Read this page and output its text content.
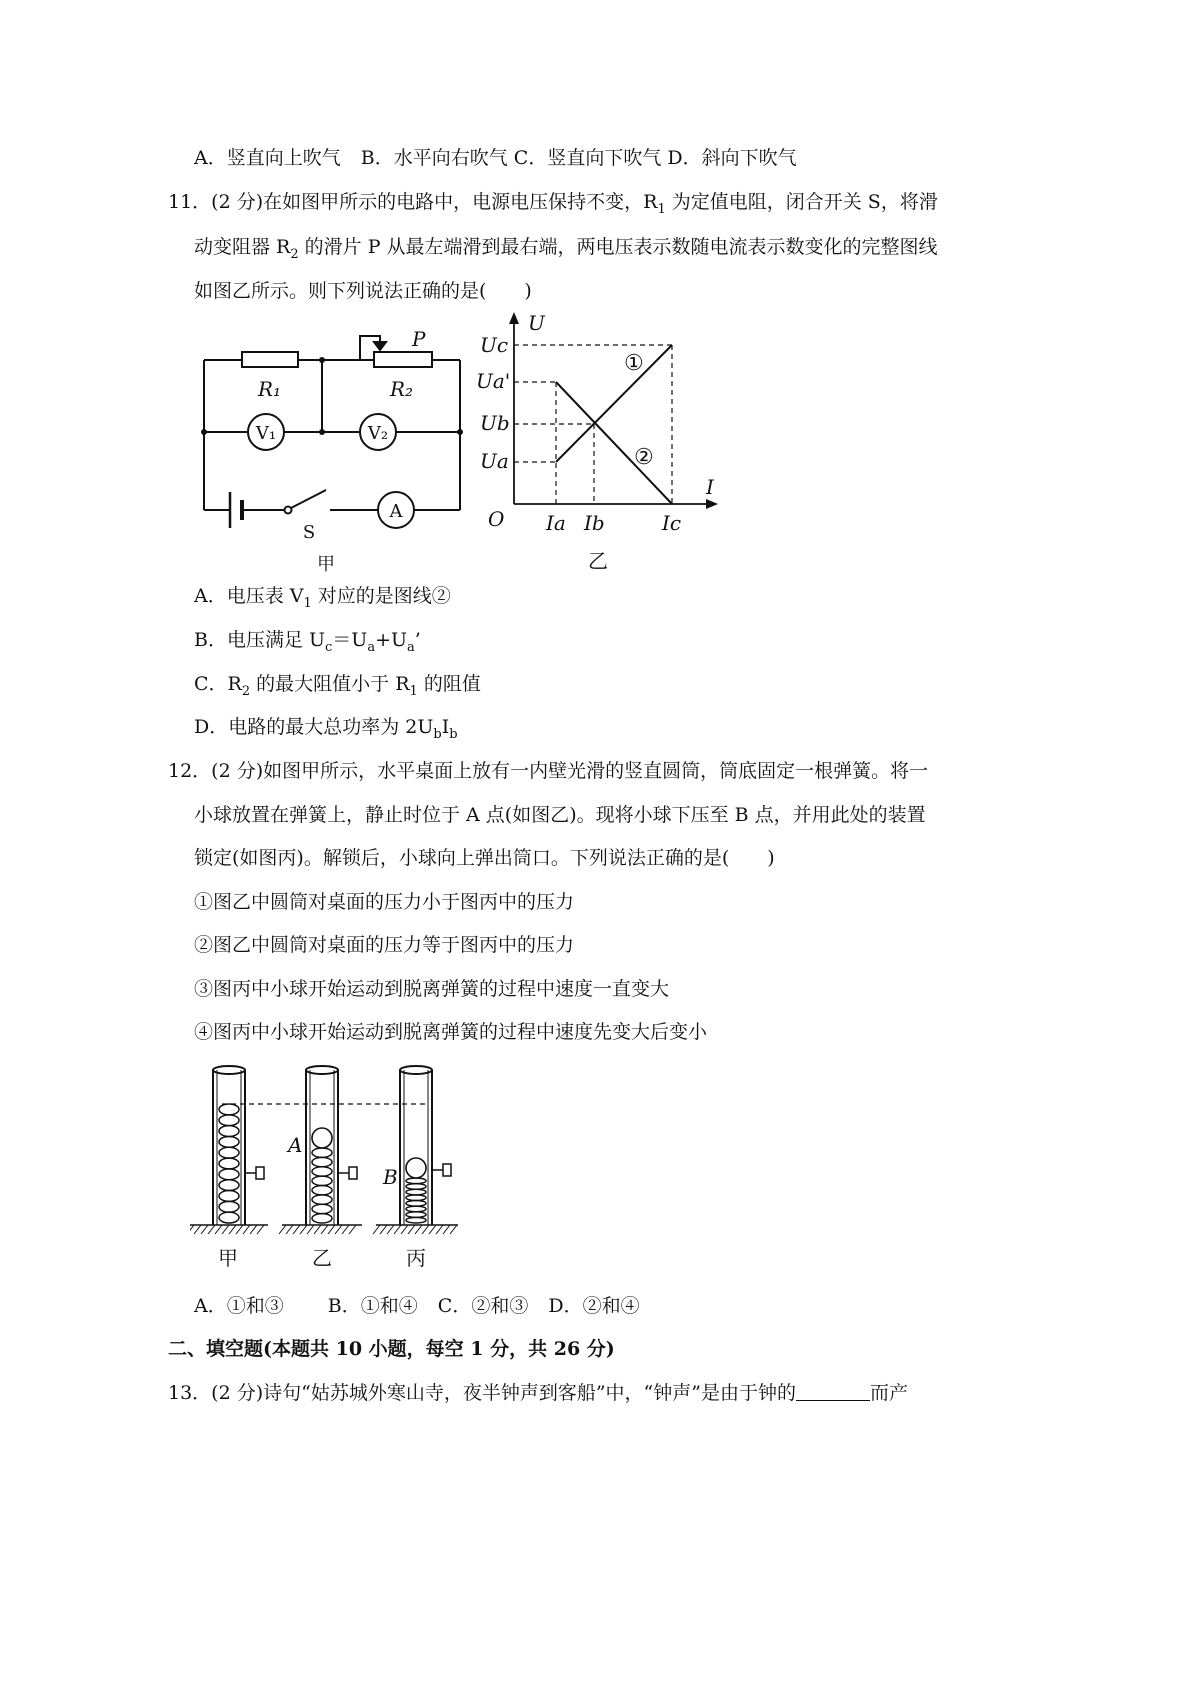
A．竖直向上吹气 B．水平向右吹气 C．竖直向下吹气 D．斜向下吹气
11．(2 分)在如图甲所示的电路中，电源电压保持不变，$R_1$ 为定值电阻，闭合开关 S，将滑
动变阻器 $R_2$ 的滑片 P 从最左端滑到最右端，两电压表示数随电流表示数变化的完整图线
如图乙所示。则下列说法正确的是(　　)
R₁	R₂
P
V₁	V₂
A
S
甲
U
I
O
Uc
Ua'
Ub
Ua
Ia Ib	Ic
①
②
乙
A．电压表 $V_1$ 对应的是图线②
B．电压满足 $U_c=U_a+U_a$’
C．$R_2$ 的最大阻值小于 $R_1$ 的阻值
D．电路的最大总功率为 $2U_bI_b$
12．(2 分)如图甲所示，水平桌面上放有一内壁光滑的竖直圆筒，筒底固定一根弹簧。将一
小球放置在弹簧上，静止时位于 A 点(如图乙)。现将小球下压至 B 点，并用此处的装置
锁定(如图丙)。解锁后，小球向上弹出筒口。下列说法正确的是(　　)
①图乙中圆筒对桌面的压力小于图丙中的压力
②图乙中圆筒对桌面的压力等于图丙中的压力
③图丙中小球开始运动到脱离弹簧的过程中速度一直变大
④图丙中小球开始运动到脱离弹簧的过程中速度先变大后变小
A
B
甲	乙	丙
A．①和③ B．①和④ C．②和③ D．②和④
二、填空题(本题共 10 小题，每空 1 分，共 26 分)
13．(2 分)诗句“姑苏城外寒山寺，夜半钟声到客船”中，“钟声”是由于钟的	而产
